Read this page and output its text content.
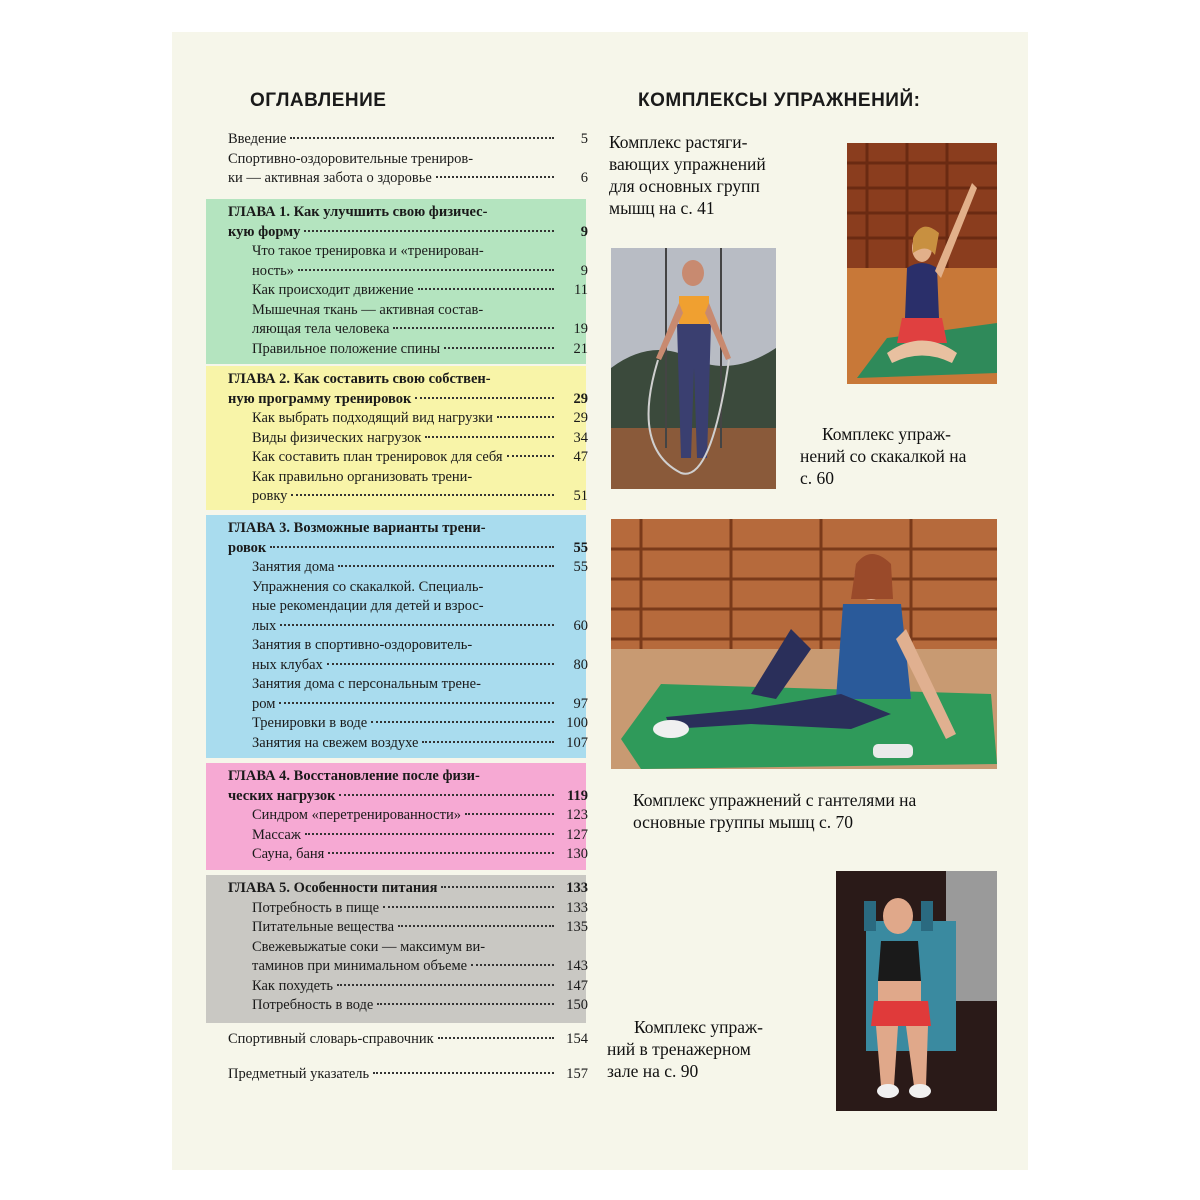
ОГЛАВЛЕНИЕ	КОМПЛЕКСЫ УПРАЖНЕНИЙ:
Введение	5
Спортивно-оздоровительные трениров-
ки — активная забота о здоровье	6
ГЛАВА 1. Как улучшить свою физичес-
кую форму	9
Что такое тренировка и «тренирован-
ность»	9
Как происходит движение	11
Мышечная ткань — активная состав-
ляющая тела человека	19
Правильное положение спины	21
ГЛАВА 2. Как составить свою собствен-
ную программу тренировок	29
Как выбрать подходящий вид нагрузки	29
Виды физических нагрузок	34
Как составить план тренировок для себя	47
Как правильно организовать трени-
ровку	51
ГЛАВА 3. Возможные варианты трени-
ровок	55
Занятия дома	55
Упражнения со скакалкой. Специаль-
ные рекомендации для детей и взрос-
лых	60
Занятия в спортивно-оздоровитель-
ных клубах	80
Занятия дома с персональным трене-
ром	97
Тренировки в воде	100
Занятия на свежем воздухе	107
ГЛАВА 4. Восстановление после физи-
ческих нагрузок	119
Синдром «перетренированности»	123
Массаж	127
Сауна, баня	130
ГЛАВА 5. Особенности питания	133
Потребность в пище	133
Питательные вещества	135
Свежевыжатые соки — максимум ви-
таминов при минимальном объеме	143
Как похудеть	147
Потребность в воде	150
Спортивный словарь-справочник	154
Предметный указатель	157
Комплекс растяги-
вающих упражнений
для основных групп
мышц на с. 41
Комплекс упраж-
нений со скакалкой на
с. 60
Комплекс упражнений с гантелями на
основные группы мышц с. 70
Комплекс упраж-
ний в тренажерном
зале на с. 90
